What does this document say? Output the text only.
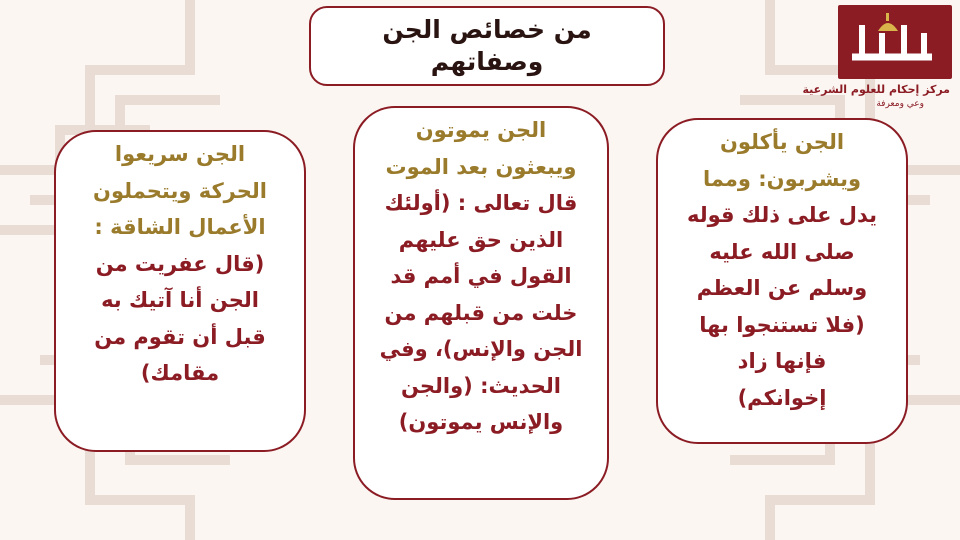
من خصائص الجن
وصفاتهم
مركز إحكام للعلوم الشرعية
وعي ومعرفة

الجن يأكلون

ويشربون: ومما

يدل على ذلك قوله

صلى الله عليه

وسلم عن العظم

(فلا تستنجوا بها

فإنها زاد

إخوانكم)

الجن يموتون

ويبعثون بعد الموت

قال تعالى : (أولئك

الذين حق عليهم

القول في أمم قد

خلت من قبلهم من

الجن والإنس)، وفي

الحديث: (والجن

والإنس يموتون)

الجن سريعوا

الحركة ويتحملون

الأعمال الشاقة :

(قال عفريت من

الجن أنا آتيك به

قبل أن تقوم من

مقامك)
